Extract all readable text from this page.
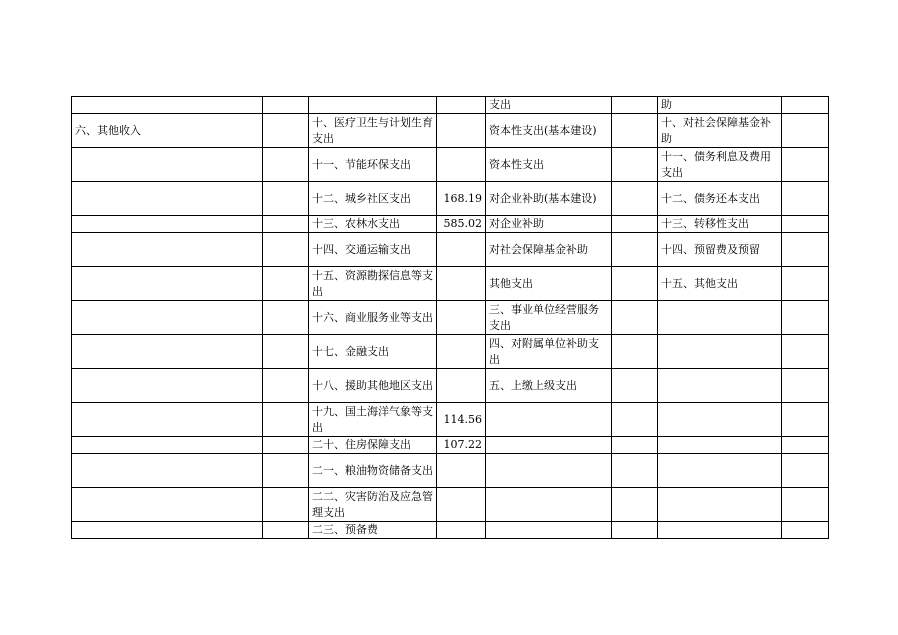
				支出		助	
六、其他收入		十、医疗卫生与计划生育支出		资本性支出(基本建设)		十、对社会保障基金补助	
		十一、节能环保支出		资本性支出		十一、债务利息及费用支出	
		十二、城乡社区支出	168.19	对企业补助(基本建设)		十二、债务还本支出	
		十三、农林水支出	585.02	对企业补助		十三、转移性支出	
		十四、交通运输支出		对社会保障基金补助		十四、预留费及预留	
		十五、资源勘探信息等支出		其他支出		十五、其他支出	
		十六、商业服务业等支出		三、事业单位经营服务支出			
		十七、金融支出		四、对附属单位补助支出			
		十八、援助其他地区支出		五、上缴上级支出			
		十九、国土海洋气象等支出	114.56				
		二十、住房保障支出	107.22				
		二一、粮油物资储备支出					
		二二、灾害防治及应急管理支出					
		二三、预备费					
